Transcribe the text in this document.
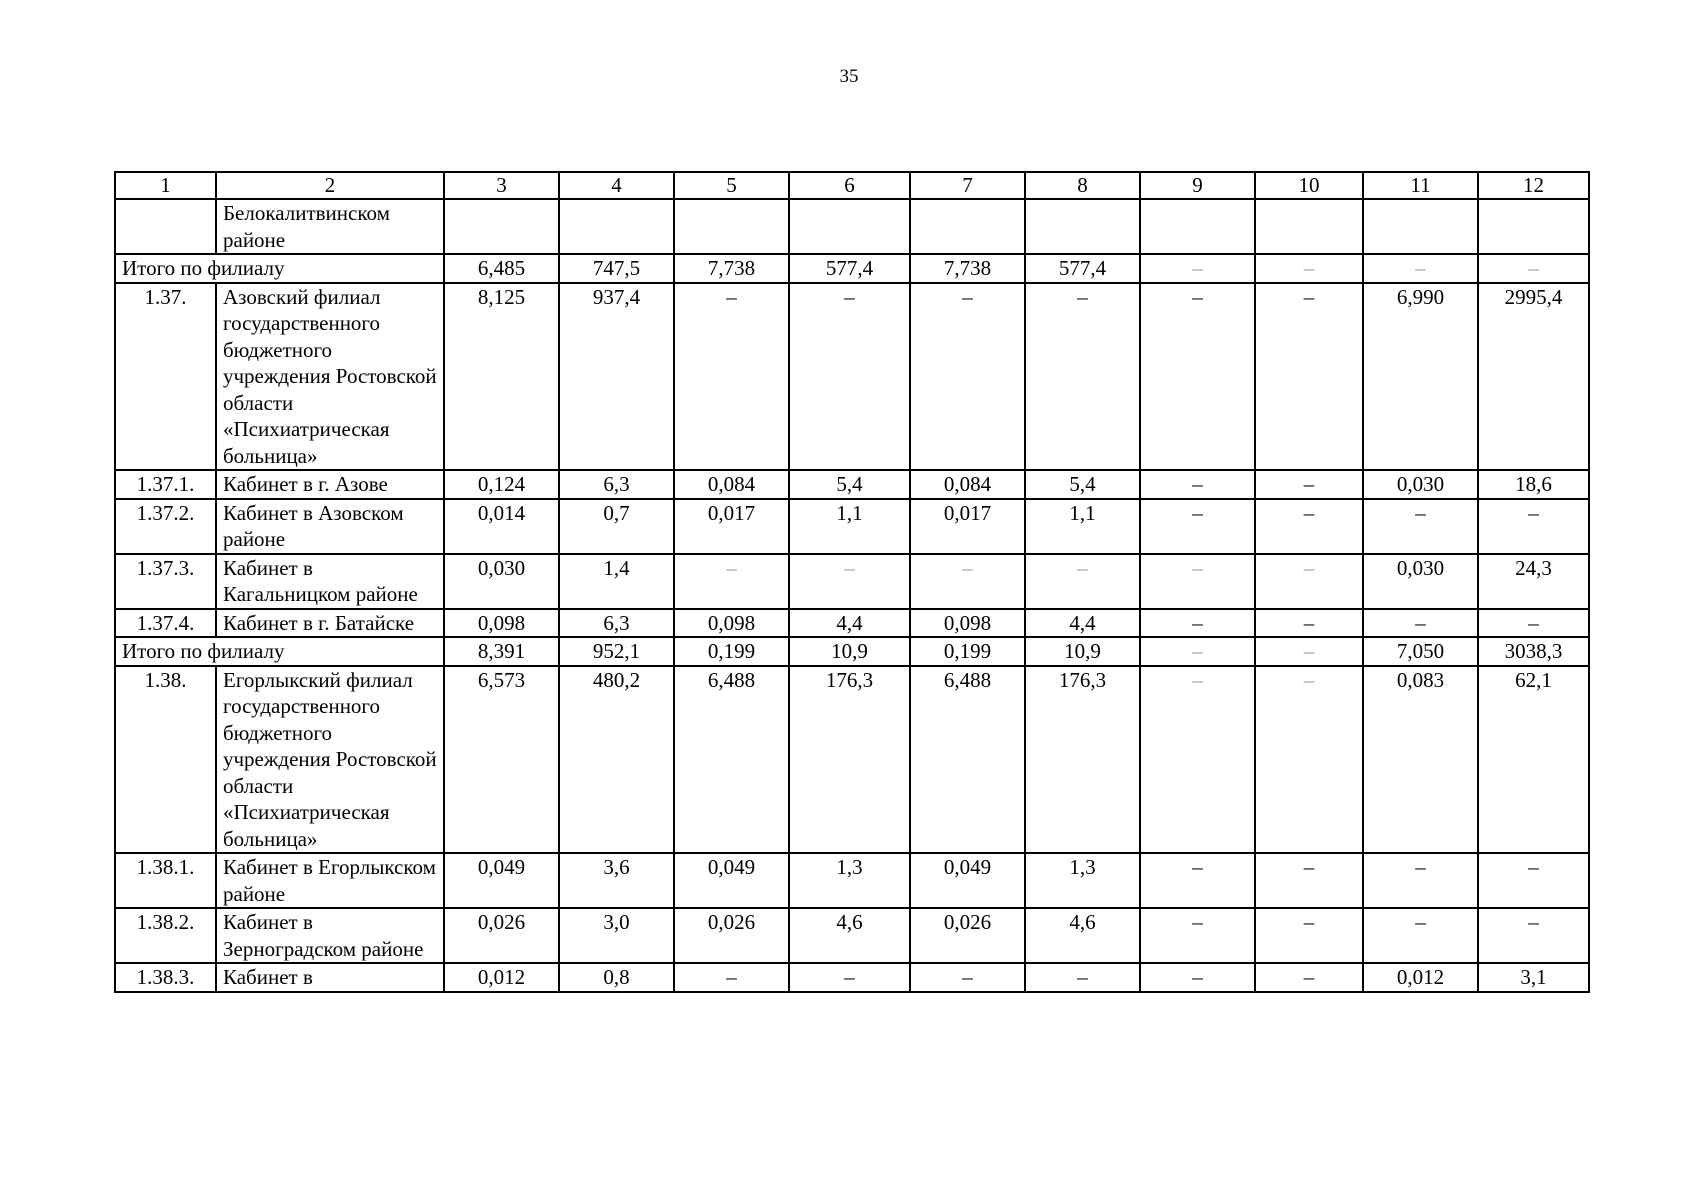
35
1	2	3	4	5	6	7	8	9	10	11	12
	Белокалитвинском районе										
Итого по филиалу		6,485	747,5	7,738	577,4	7,738	577,4	–	–	–	–
1.37.	Азовский филиал государственного бюджетного учреждения Ростовской области «Психиатрическая больница»	8,125	937,4	–	–	–	–	–	–	6,990	2995,4
1.37.1.	Кабинет в г. Азове	0,124	6,3	0,084	5,4	0,084	5,4	–	–	0,030	18,6
1.37.2.	Кабинет в Азовском районе	0,014	0,7	0,017	1,1	0,017	1,1	–	–	–	–
1.37.3.	Кабинет в Кагальницком районе	0,030	1,4	–	–	–	–	–	–	0,030	24,3
1.37.4.	Кабинет в г. Батайске	0,098	6,3	0,098	4,4	0,098	4,4	–	–	–	–
Итого по филиалу		8,391	952,1	0,199	10,9	0,199	10,9	–	–	7,050	3038,3
1.38.	Егорлыкский филиал государственного бюджетного учреждения Ростовской области «Психиатрическая больница»	6,573	480,2	6,488	176,3	6,488	176,3	–	–	0,083	62,1
1.38.1.	Кабинет в Егорлыкском районе	0,049	3,6	0,049	1,3	0,049	1,3	–	–	–	–
1.38.2.	Кабинет в Зерноградском районе	0,026	3,0	0,026	4,6	0,026	4,6	–	–	–	–
1.38.3.	Кабинет в	0,012	0,8	–	–	–	–	–	–	0,012	3,1
